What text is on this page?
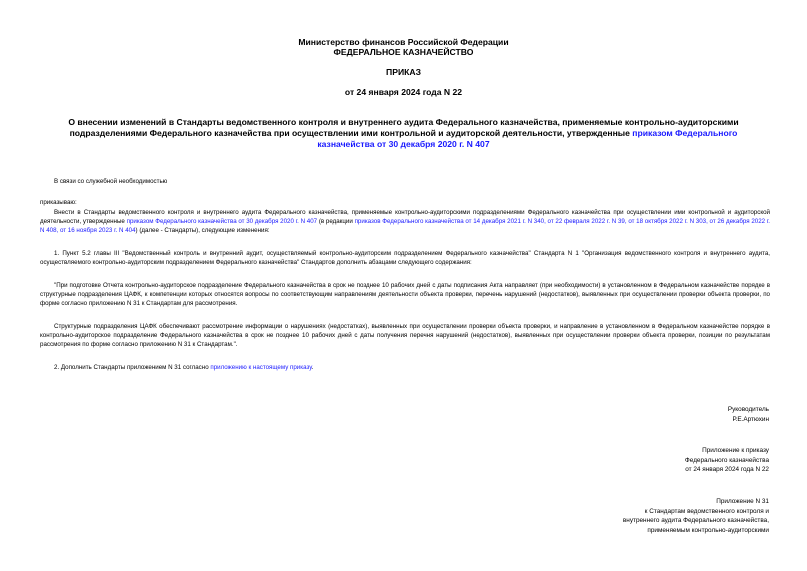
Министерство финансов Российской Федерации
ФЕДЕРАЛЬНОЕ КАЗНАЧЕЙСТВО
ПРИКАЗ
от 24 января 2024 года N 22
О внесении изменений в Стандарты ведомственного контроля и внутреннего аудита Федерального казначейства, применяемые контрольно-аудиторскими подразделениями Федерального казначейства при осуществлении ими контрольной и аудиторской деятельности, утвержденные приказом Федерального казначейства от 30 декабря 2020 г. N 407
В связи со служебной необходимостью
приказываю:
Внести в Стандарты ведомственного контроля и внутреннего аудита Федерального казначейства, применяемые контрольно-аудиторскими подразделениями Федерального казначейства при осуществлении ими контрольной и аудиторской деятельности, утвержденные приказом Федерального казначейства от 30 декабря 2020 г. N 407 (в редакции приказов Федерального казначейства от 14 декабря 2021 г. N 340, от 22 февраля 2022 г. N 39, от 18 октября 2022 г. N 303, от 26 декабря 2022 г. N 408, от 16 ноября 2023 г. N 404) (далее - Стандарты), следующие изменения:
1. Пункт 5.2 главы III "Ведомственный контроль и внутренний аудит, осуществляемый контрольно-аудиторским подразделением Федерального казначейства" Стандарта N 1 "Организация ведомственного контроля и внутреннего аудита, осуществляемого контрольно-аудиторским подразделением Федерального казначейства" Стандартов дополнить абзацами следующего содержания:
"При подготовке Отчета контрольно-аудиторское подразделение Федерального казначейства в срок не позднее 10 рабочих дней с даты подписания Акта направляет (при необходимости) в установленном в Федеральном казначействе порядке в структурные подразделения ЦАФК, к компетенции которых относятся вопросы по соответствующим направлениям деятельности объекта проверки, перечень нарушений (недостатков), выявленных при осуществлении проверки объекта проверки, по форме согласно приложению N 31 к Стандартам для рассмотрения.
Структурные подразделения ЦАФК обеспечивают рассмотрение информации о нарушениях (недостатках), выявленных при осуществлении проверки объекта проверки, и направление в установленном в Федеральном казначействе порядке в контрольно-аудиторское подразделение Федерального казначейства в срок не позднее 10 рабочих дней с даты получения перечня нарушений (недостатков), выявленных при осуществлении проверки объекта проверки, позиции по результатам рассмотрения по форме согласно приложению N 31 к Стандартам.".
2. Дополнить Стандарты приложением N 31 согласно приложению к настоящему приказу.
Руководитель
Р.Е.Артюхин
Приложение к приказу
Федерального казначейства
от 24 января 2024 года N 22
Приложение N 31
к Стандартам ведомственного контроля и
внутреннего аудита Федерального казначейства,
применяемым контрольно-аудиторскими
